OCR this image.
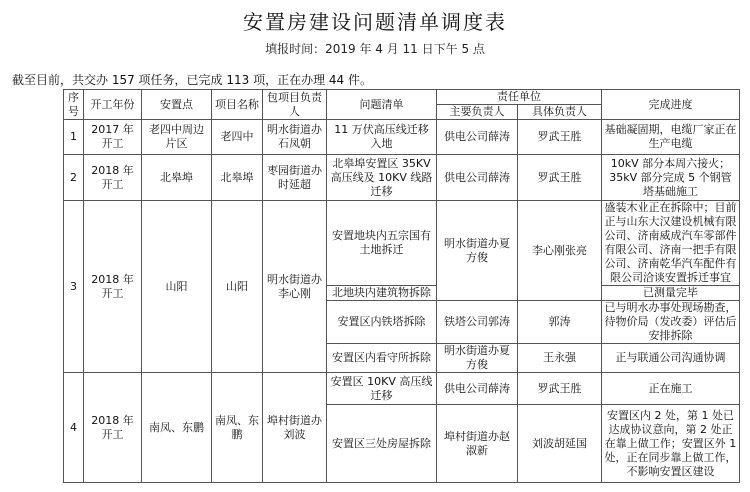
安置房建设问题清单调度表
填报时间：2019 年 4 月 11 日下午 5 点
截至目前，共交办 157 项任务，已完成 113 项，正在办理 44 件。
序号	开工年份	安置点	项目名称	包项目负责人	问题清单	责任单位		完成进度
						主要负责人	具体负责人	
1	2017 年开工	老四中周边片区	老四中	明水街道办石凤朝	11 万伏高压线迁移入地	供电公司薛涛	罗武王胜	基础凝固期，电缆厂家正在生产电缆
2	2018 年开工	北皋埠	北皋埠	枣园街道办时延超	北皋埠安置区 35KV 高压线及 10KV 线路迁移	供电公司薛涛	罗武王胜	10kV 部分本周六接火；35kV 部分完成 5 个钢管塔基础施工
3	2018 年开工	山阳	山阳	明水街道办李心刚	安置地块内五宗国有土地拆迁	明水街道办夏方俊	李心刚张亮	盛装木业正在拆除中；目前正与山东大汉建设机械有限公司、济南威成汽车零部件有限公司、济南一把手有限公司、济南乾华汽车配件有限公司洽谈安置拆迁事宜
					北地块内建筑物拆除			已测量完毕
					安置区内铁塔拆除	铁塔公司郭涛	郭涛	已与明水办事处现场勘查，待物价局（发改委）评估后安排拆除
					安置区内看守所拆除	明水街道办夏方俊	王永强	正与联通公司沟通协调
4	2018 年开工	南凤、东鹏	南凤、东鹏	埠村街道办刘波	安置区 10KV 高压线迁移	供电公司薛涛	罗武王胜	正在施工
					安置区三处房屋拆除	埠村街道办赵淑新	刘波胡延国	安置区内 2 处，第 1 处已达成协议意向，第 2 处正在靠上做工作；安置区外 1 处，正在同步靠上做工作，不影响安置区建设
